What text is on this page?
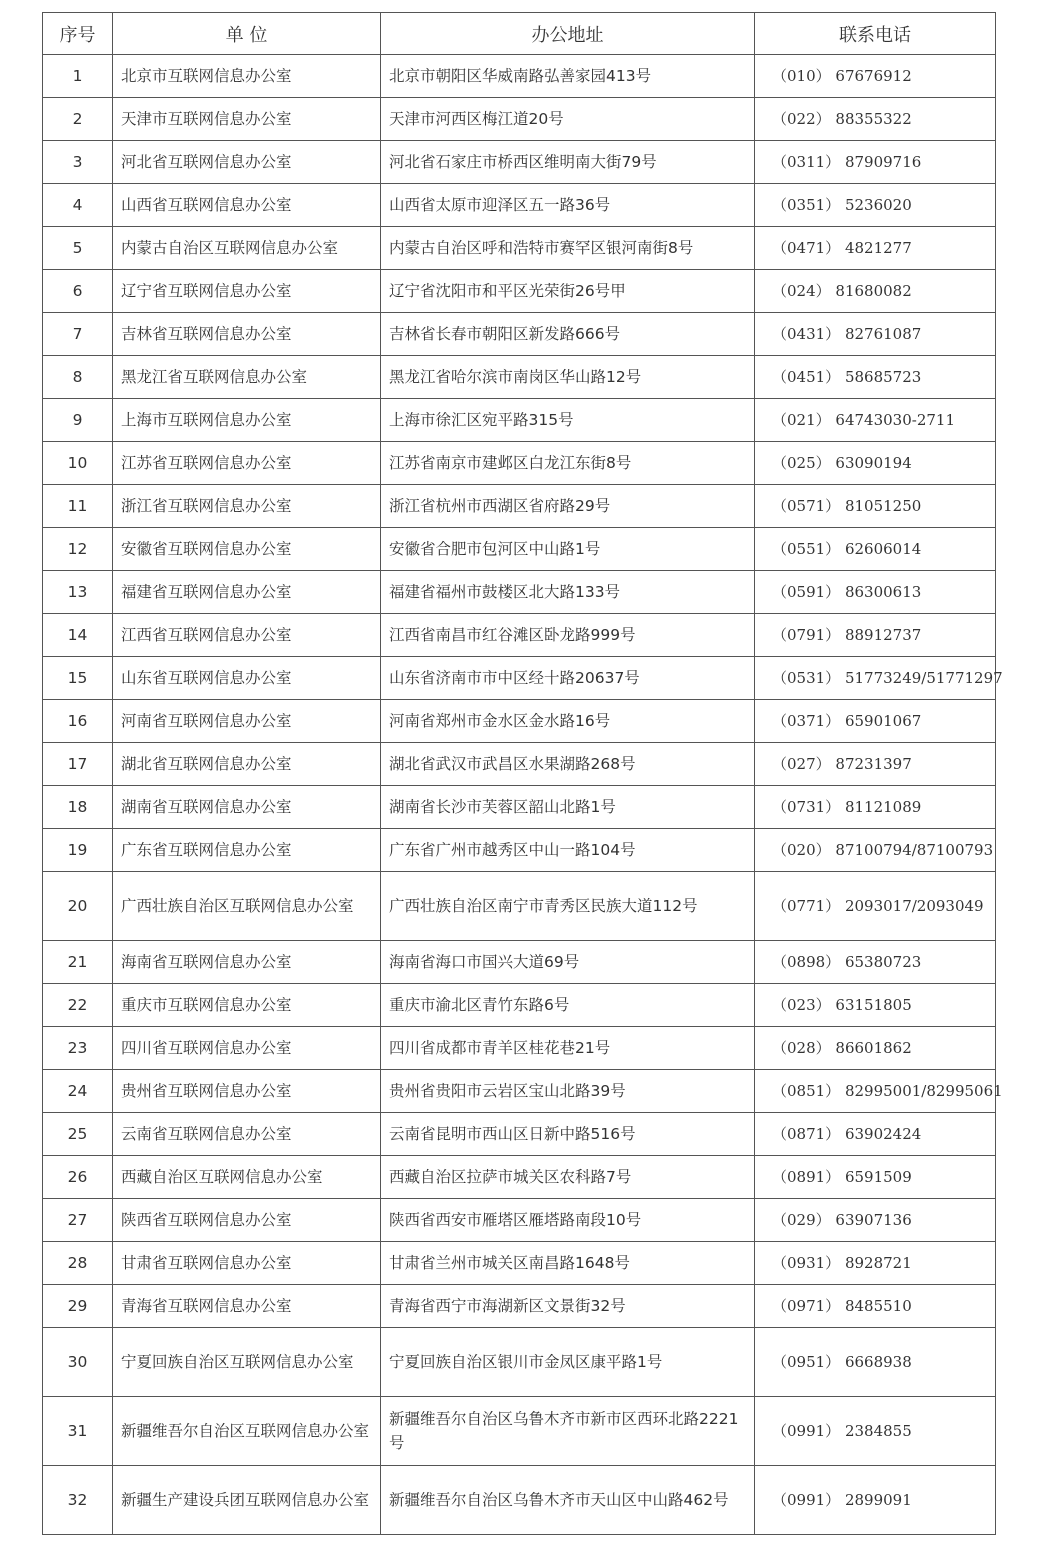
序号	单 位	办公地址	联系电话
1	北京市互联网信息办公室	北京市朝阳区华威南路弘善家园413号	（010） 67676912
2	天津市互联网信息办公室	天津市河西区梅江道20号	（022） 88355322
3	河北省互联网信息办公室	河北省石家庄市桥西区维明南大街79号	（0311） 87909716
4	山西省互联网信息办公室	山西省太原市迎泽区五一路36号	（0351） 5236020
5	内蒙古自治区互联网信息办公室	内蒙古自治区呼和浩特市赛罕区银河南街8号	（0471） 4821277
6	辽宁省互联网信息办公室	辽宁省沈阳市和平区光荣街26号甲	（024） 81680082
7	吉林省互联网信息办公室	吉林省长春市朝阳区新发路666号	（0431） 82761087
8	黑龙江省互联网信息办公室	黑龙江省哈尔滨市南岗区华山路12号	（0451） 58685723
9	上海市互联网信息办公室	上海市徐汇区宛平路315号	（021） 64743030-2711
10	江苏省互联网信息办公室	江苏省南京市建邺区白龙江东街8号	（025） 63090194
11	浙江省互联网信息办公室	浙江省杭州市西湖区省府路29号	（0571） 81051250
12	安徽省互联网信息办公室	安徽省合肥市包河区中山路1号	（0551） 62606014
13	福建省互联网信息办公室	福建省福州市鼓楼区北大路133号	（0591） 86300613
14	江西省互联网信息办公室	江西省南昌市红谷滩区卧龙路999号	（0791） 88912737
15	山东省互联网信息办公室	山东省济南市市中区经十路20637号	（0531） 51773249/51771297
16	河南省互联网信息办公室	河南省郑州市金水区金水路16号	（0371） 65901067
17	湖北省互联网信息办公室	湖北省武汉市武昌区水果湖路268号	（027） 87231397
18	湖南省互联网信息办公室	湖南省长沙市芙蓉区韶山北路1号	（0731） 81121089
19	广东省互联网信息办公室	广东省广州市越秀区中山一路104号	（020） 87100794/87100793
20	广西壮族自治区互联网信息办公室	广西壮族自治区南宁市青秀区民族大道112号	（0771） 2093017/2093049
21	海南省互联网信息办公室	海南省海口市国兴大道69号	（0898） 65380723
22	重庆市互联网信息办公室	重庆市渝北区青竹东路6号	（023） 63151805
23	四川省互联网信息办公室	四川省成都市青羊区桂花巷21号	（028） 86601862
24	贵州省互联网信息办公室	贵州省贵阳市云岩区宝山北路39号	（0851） 82995001/82995061
25	云南省互联网信息办公室	云南省昆明市西山区日新中路516号	（0871） 63902424
26	西藏自治区互联网信息办公室	西藏自治区拉萨市城关区农科路7号	（0891） 6591509
27	陕西省互联网信息办公室	陕西省西安市雁塔区雁塔路南段10号	（029） 63907136
28	甘肃省互联网信息办公室	甘肃省兰州市城关区南昌路1648号	（0931） 8928721
29	青海省互联网信息办公室	青海省西宁市海湖新区文景街32号	（0971） 8485510
30	宁夏回族自治区互联网信息办公室	宁夏回族自治区银川市金凤区康平路1号	（0951） 6668938
31	新疆维吾尔自治区互联网信息办公室	新疆维吾尔自治区乌鲁木齐市新市区西环北路2221号	（0991） 2384855
32	新疆生产建设兵团互联网信息办公室	新疆维吾尔自治区乌鲁木齐市天山区中山路462号	（0991） 2899091
